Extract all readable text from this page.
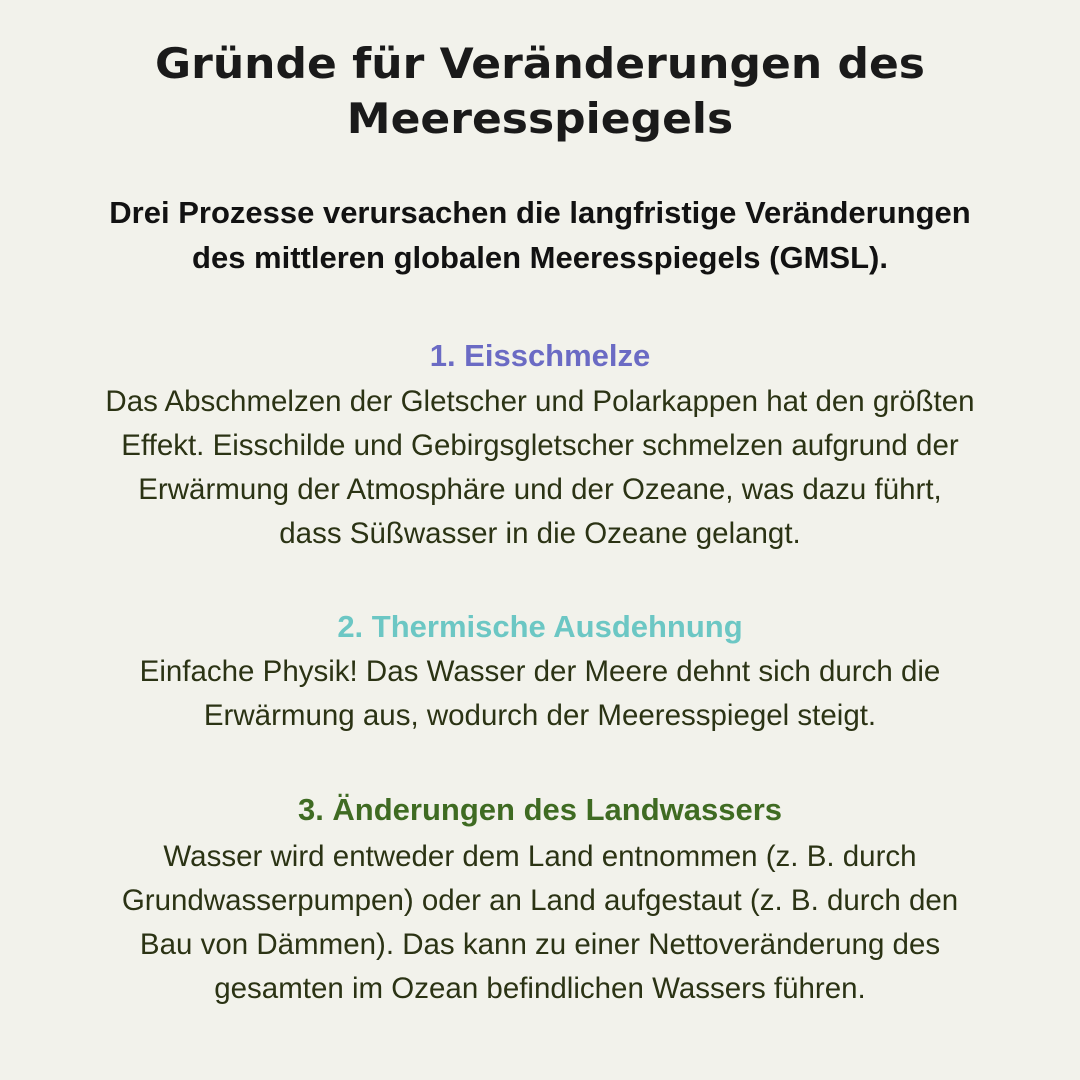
Gründe für Veränderungen des
Meeresspiegels

Drei Prozesse verursachen die langfristige Veränderungen
des mittleren globalen Meeresspiegels (GMSL).

1. Eisschmelze

Das Abschmelzen der Gletscher und Polarkappen hat den größten
Effekt. Eisschilde und Gebirgsgletscher schmelzen aufgrund der
Erwärmung der Atmosphäre und der Ozeane, was dazu führt,
dass Süßwasser in die Ozeane gelangt.

2. Thermische Ausdehnung

Einfache Physik! Das Wasser der Meere dehnt sich durch die
Erwärmung aus, wodurch der Meeresspiegel steigt.

3. Änderungen des Landwassers

Wasser wird entweder dem Land entnommen (z. B. durch
Grundwasserpumpen) oder an Land aufgestaut (z. B. durch den
Bau von Dämmen). Das kann zu einer Nettoveränderung des
gesamten im Ozean befindlichen Wassers führen.
